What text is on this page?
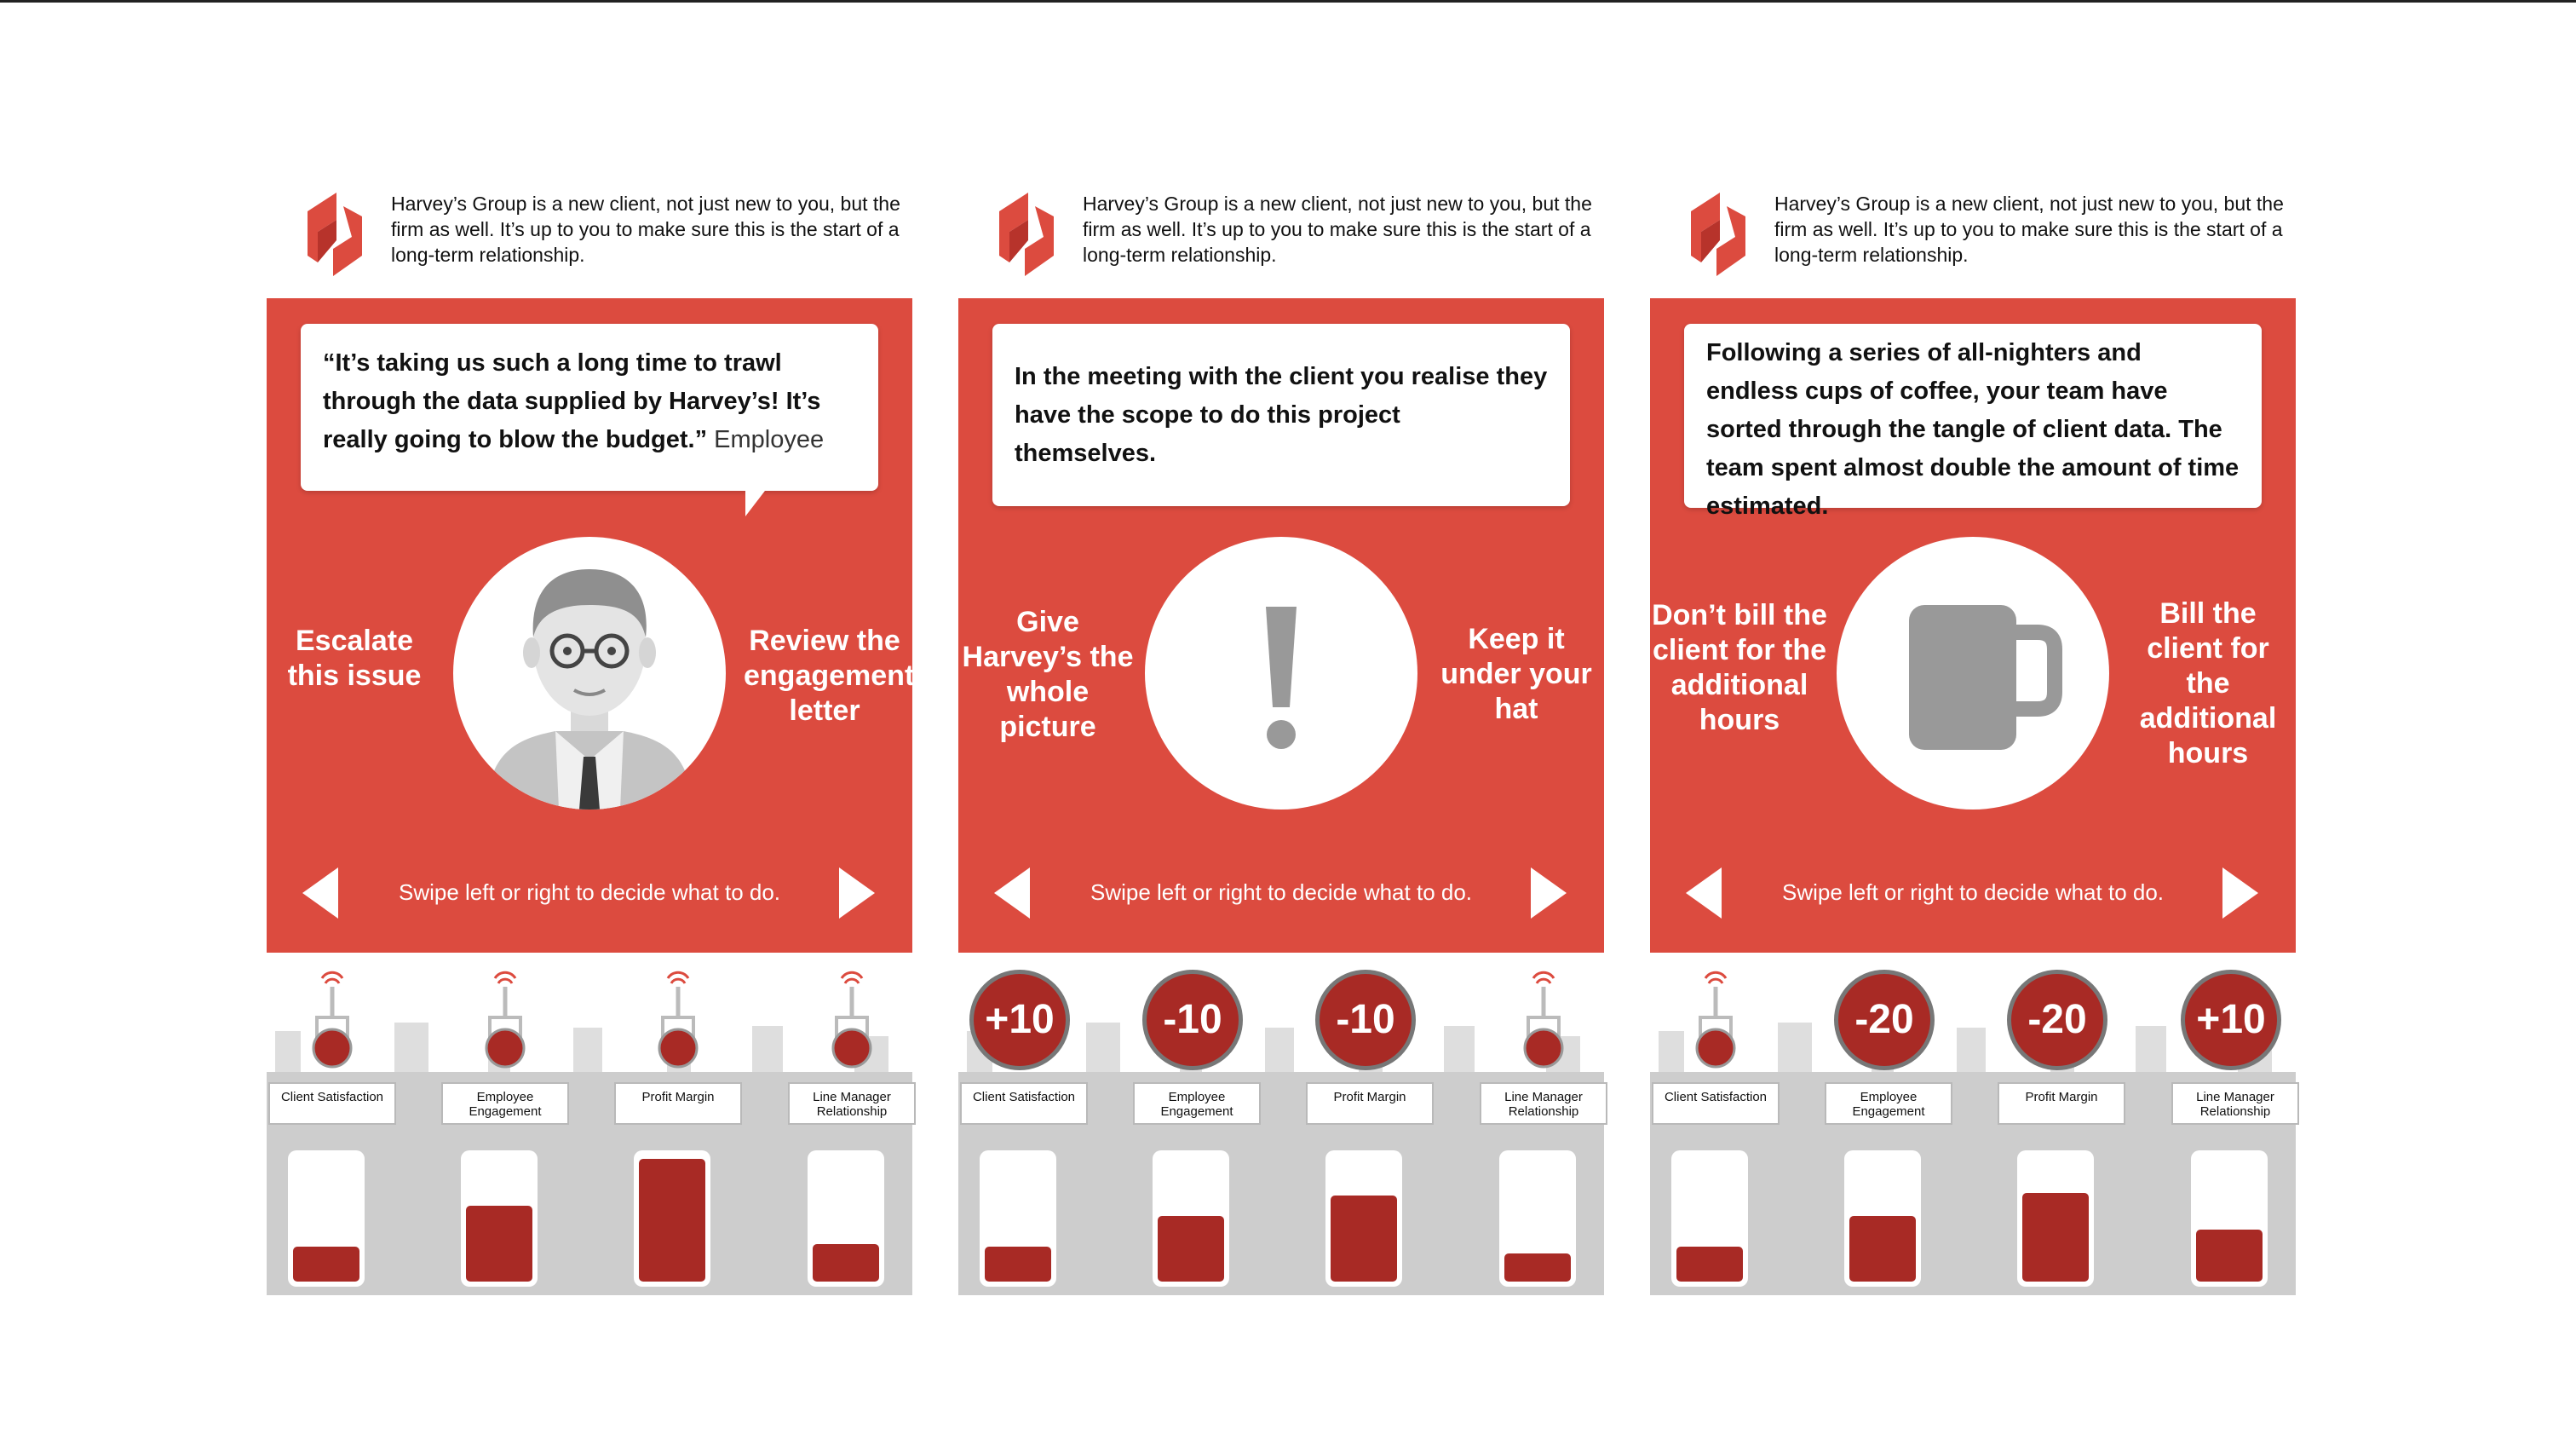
Harvey’s Group is a new client, not just new to you, but the firm as well. It’s up to you to make sure this is the start of a long-term relationship.
“It’s taking us such a long time to trawl through the data supplied by Harvey’s! It’s really going to blow the budget.” Employee
Escalate this issue
Review the engagement letter
Swipe left or right to decide what to do.
Client Satisfaction	Employee Engagement
Profit Margin	Line Manager Relationship
Harvey’s Group is a new client, not just new to you, but the firm as well. It’s up to you to make sure this is the start of a long-term relationship.
In the meeting with the client you realise they have the scope to do this project themselves.
Give Harvey’s the whole picture
Keep it under your hat
Swipe left or right to decide what to do.
+10
Client Satisfaction
-10
Employee Engagement
-10
Profit Margin	Line Manager Relationship
Harvey’s Group is a new client, not just new to you, but the firm as well. It’s up to you to make sure this is the start of a long-term relationship.
Following a series of all-nighters and endless cups of coffee, your team have sorted through the tangle of client data. The team spent almost double the amount of time estimated.
Don’t bill the client for the additional hours
Bill the client for the additional hours
Swipe left or right to decide what to do.
Client Satisfaction
-20
Employee Engagement
-20
Profit Margin
+10
Line Manager Relationship
